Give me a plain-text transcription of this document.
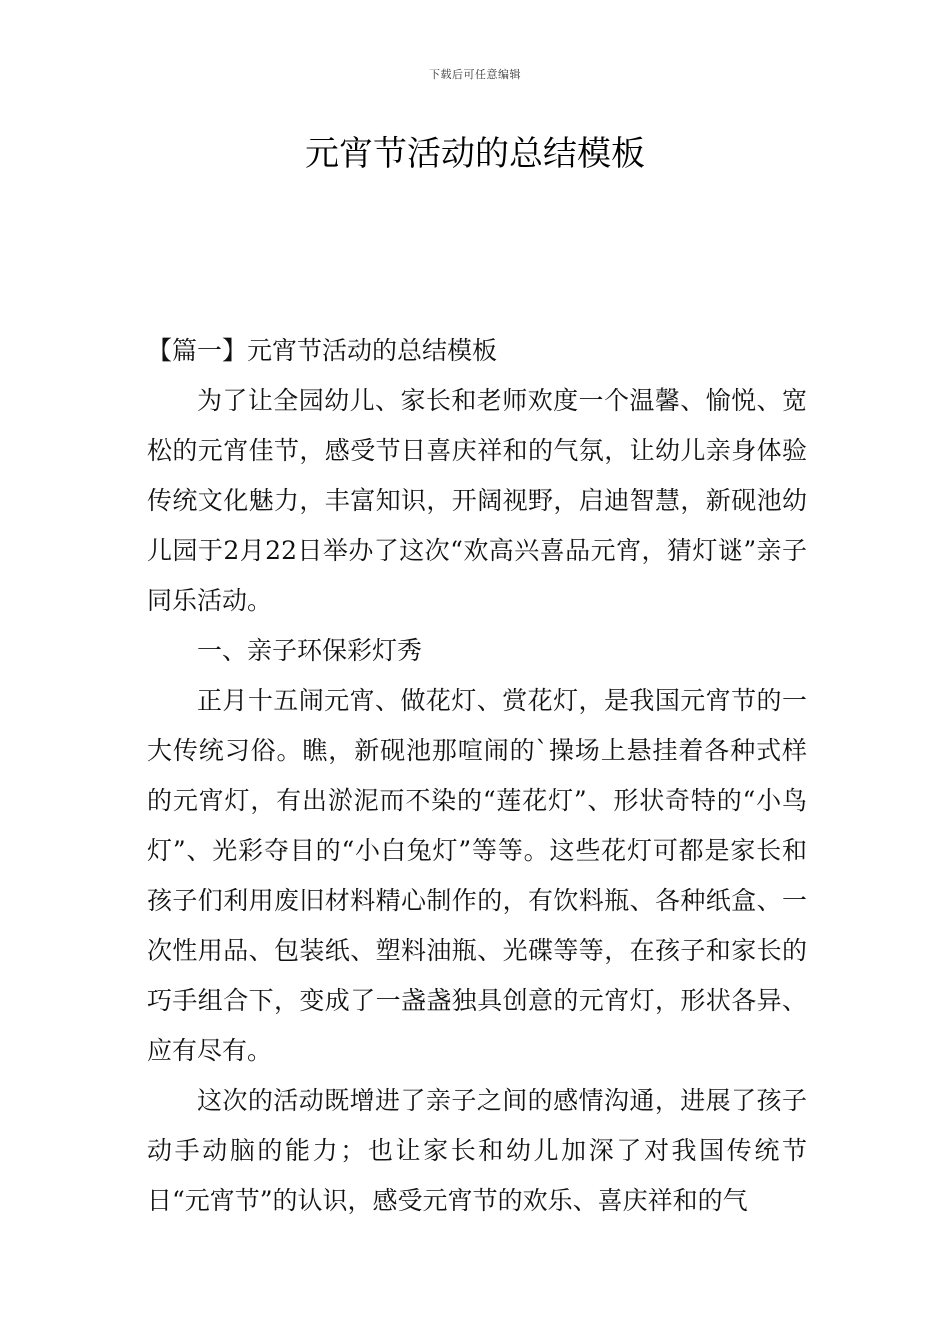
下载后可任意编辑
元宵节活动的总结模板

【篇一】元宵节活动的总结模板

为了让全园幼儿、家长和老师欢度一个温馨、愉悦、宽松的元宵佳节，感受节日喜庆祥和的气氛，让幼儿亲身体验传统文化魅力，丰富知识，开阔视野，启迪智慧，新砚池幼儿园于2月22日举办了这次“欢高兴喜品元宵，猜灯谜”亲子同乐活动。

一、亲子环保彩灯秀

正月十五闹元宵、做花灯、赏花灯，是我国元宵节的一大传统习俗。瞧，新砚池那喧闹的`操场上悬挂着各种式样的元宵灯，有出淤泥而不染的“莲花灯”、形状奇特的“小鸟灯”、光彩夺目的“小白兔灯”等等。这些花灯可都是家长和孩子们利用废旧材料精心制作的，有饮料瓶、各种纸盒、一次性用品、包装纸、塑料油瓶、光碟等等，在孩子和家长的巧手组合下，变成了一盏盏独具创意的元宵灯，形状各异、应有尽有。

这次的活动既增进了亲子之间的感情沟通，进展了孩子动手动脑的能力；也让家长和幼儿加深了对我国传统节日“元宵节”的认识，感受元宵节的欢乐、喜庆祥和的气
